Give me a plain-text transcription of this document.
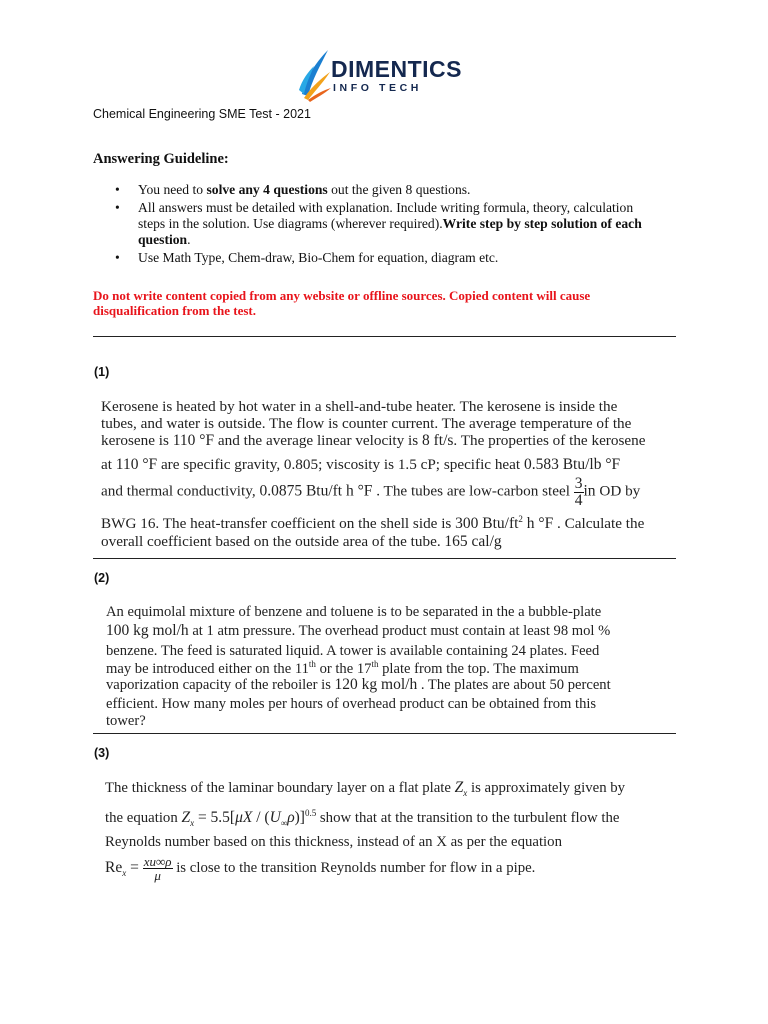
DIMENTICS
INFO TECH
Chemical Engineering SME Test - 2021
Answering Guideline:
• You need to solve any 4 questions out the given 8 questions.
• All answers must be detailed with explanation. Include writing formula, theory, calculation steps in the solution. Use diagrams (wherever required).Write step by step solution of each question.
• Use Math Type, Chem-draw, Bio-Chem for equation, diagram etc.
Do not write content copied from any website or offline sources. Copied content will cause disqualification from the test.
(1)
Kerosene is heated by hot water in a shell-and-tube heater. The kerosene is inside the
tubes, and water is outside. The flow is counter current. The average temperature of the
kerosene is 110 °F and the average linear velocity is 8 ft/s. The properties of the kerosene
at 110 °F are specific gravity, 0.805; viscosity is 1.5 cP; specific heat 0.583 Btu/lb °F
and thermal conductivity, 0.0875 Btu/ft h °F . The tubes are low-carbon steel $\frac{3}{4}$ in OD by
BWG 16. The heat-transfer coefficient on the shell side is 300 Btu/$ft^2$ h °F . Calculate the
overall coefficient based on the outside area of the tube. 165 cal/g
(2)
An equimolal mixture of benzene and toluene is to be separated in the a bubble-plate
100 kg mol/h at 1 atm pressure. The overhead product must contain at least 98 mol %
benzene. The feed is saturated liquid. A tower is available containing 24 plates. Feed
may be introduced either on the 11th or the 17th plate from the top. The maximum
vaporization capacity of the reboiler is 120 kg mol/h . The plates are about 50 percent
efficient. How many moles per hours of overhead product can be obtained from this
tower?
(3)
The thickness of the laminar boundary layer on a flat plate $Z_x$ is approximately given by
the equation $Z_x = 5.5[\mu X / (U_\infty\rho)]^{0.5}$ show that at the transition to the turbulent flow the
Reynolds number based on this thickness, instead of an X as per the equation
$Re_x = \frac{xu\infty\rho}{\mu}$ is close to the transition Reynolds number for flow in a pipe.
